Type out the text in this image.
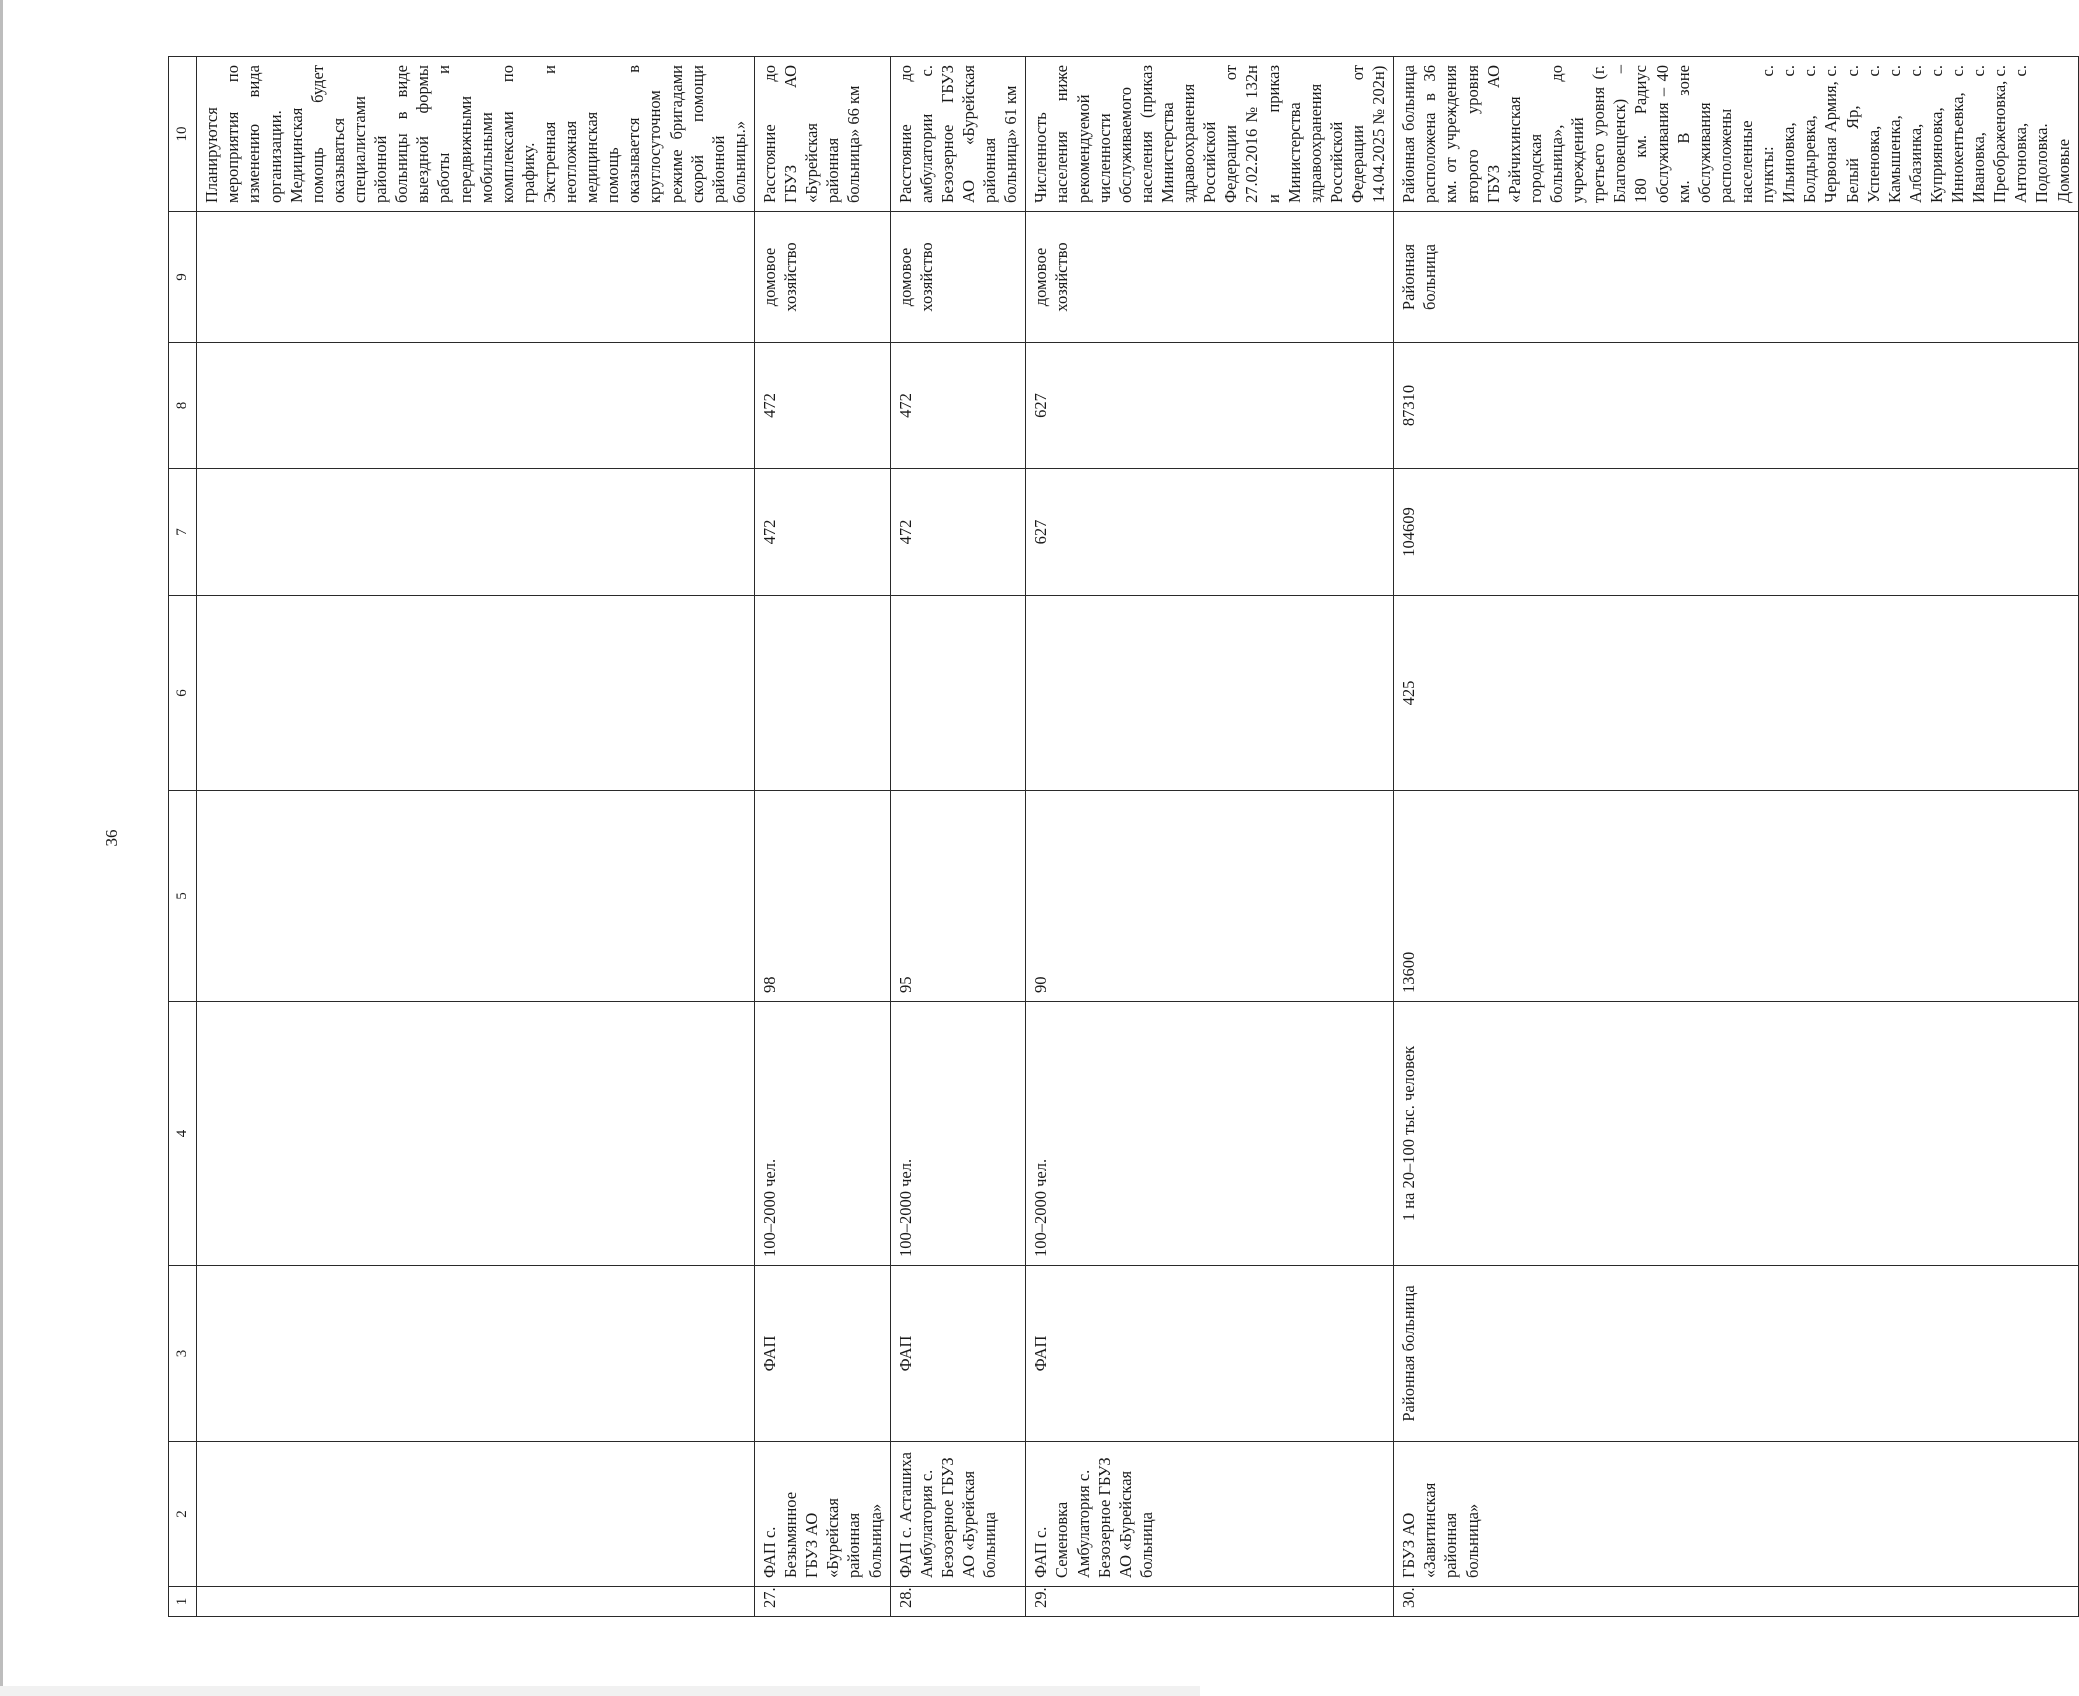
36
1	2	3	4	5	6	7	8	9	10
									Планируются мероприятия по изменению вида организации. Медицинская помощь будет оказываться специалистами районной больницы в виде выездной формы работы и передвижными мобильными комплексами по графику. Экстренная и неотложная медицинская помощь оказывается в круглосуточном режиме бригадами скорой помощи районной больницы.»
27.	ФАП с. Безымянное ГБУЗ АО «Бурейская районная больница»	ФАП	100–2000 чел.	98		472	472	домовое хозяйство	Расстояние до ГБУЗ АО «Бурейская районная больница» 66 км
28.	ФАП с. Асташиха Амбулатория с. Безозерное ГБУЗ АО «Бурейская больница	ФАП	100–2000 чел.	95		472	472	домовое хозяйство	Расстояние до амбулатории с. Безозерное ГБУЗ АО «Бурейская районная больница» 61 км
29.	ФАП с. Семеновка Амбулатория с. Безозерное ГБУЗ АО «Бурейская больница	ФАП	100–2000 чел.	90		627	627	домовое хозяйство	Численность населения ниже рекомендуемой численности обслуживаемого населения (приказ Министерства здравоохранения Российской Федерации от 27.02.2016 № 132н и приказ Министерства здравоохранения Российской Федерации от 14.04.2025 № 202н)
30.	ГБУЗ АО «Завитинская районная больница»	Районная больница	1 на 20–100 тыс. человек	13600	425	104609	87310	Районная больница	Районная больница расположена в 36 км. от учреждения второго уровня ГБУЗ АО «Райчихинская городская больница», до учреждений третьего уровня (г. Благовещенск) – 180 км. Радиус обслуживания – 40 км. В зоне обслуживания расположены населенные пункты: с. Ильиновка, с. Болдыревка, с. Червоная Армия, с. Белый Яр, с. Успеновка, с. Камышенка, с. Албазинка, с. Куприяновка, с. Иннокентьевка, с. Ивановка, с. Преображеновка, с. Антоновка, с. Подоловка. Домовые
